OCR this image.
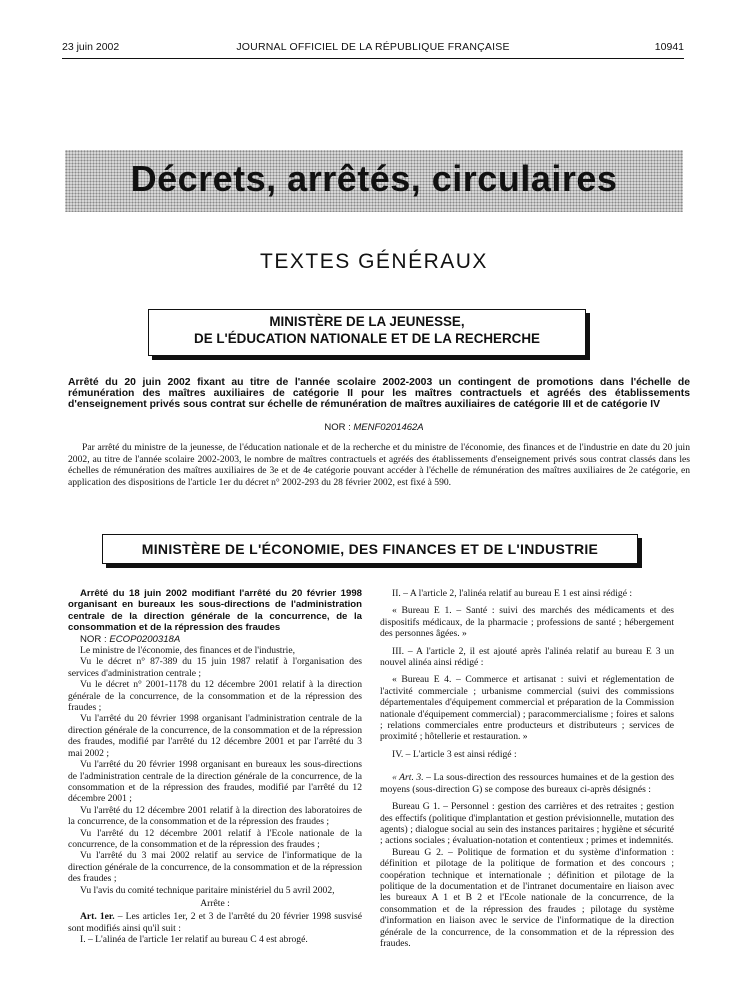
23 juin 2002	JOURNAL OFFICIEL DE LA RÉPUBLIQUE FRANÇAISE	10941
Décrets, arrêtés, circulaires
TEXTES GÉNÉRAUX
MINISTÈRE DE LA JEUNESSE,
DE L'ÉDUCATION NATIONALE ET DE LA RECHERCHE
Arrêté du 20 juin 2002 fixant au titre de l'année scolaire 2002-2003 un contingent de promotions dans l'échelle de rémunération des maîtres auxiliaires de catégorie II pour les maîtres contractuels et agréés des établissements d'enseignement privés sous contrat sur échelle de rémunération de maîtres auxiliaires de catégorie III et de catégorie IV
NOR : MENF0201462A
Par arrêté du ministre de la jeunesse, de l'éducation nationale et de la recherche et du ministre de l'économie, des finances et de l'industrie en date du 20 juin 2002, au titre de l'année scolaire 2002-2003, le nombre de maîtres contractuels et agréés des établissements d'enseignement privés sous contrat classés dans les échelles de rémunération des maîtres auxiliaires de 3e et de 4e catégorie pouvant accéder à l'échelle de rémunération des maîtres auxiliaires de 2e catégorie, en application des dispositions de l'article 1er du décret n° 2002-293 du 28 février 2002, est fixé à 590.
MINISTÈRE DE L'ÉCONOMIE, DES FINANCES ET DE L'INDUSTRIE

Arrêté du 18 juin 2002 modifiant l'arrêté du 20 février 1998 organisant en bureaux les sous-directions de l'administration centrale de la direction générale de la concurrence, de la consommation et de la répression des fraudes

NOR : ECOP0200318A

Le ministre de l'économie, des finances et de l'industrie,

Vu le décret n° 87-389 du 15 juin 1987 relatif à l'organisation des services d'administration centrale ;

Vu le décret n° 2001-1178 du 12 décembre 2001 relatif à la direction générale de la concurrence, de la consommation et de la répression des fraudes ;

Vu l'arrêté du 20 février 1998 organisant l'administration centrale de la direction générale de la concurrence, de la consommation et de la répression des fraudes, modifié par l'arrêté du 12 décembre 2001 et par l'arrêté du 3 mai 2002 ;

Vu l'arrêté du 20 février 1998 organisant en bureaux les sous-directions de l'administration centrale de la direction générale de la concurrence, de la consommation et de la répression des fraudes, modifié par l'arrêté du 12 décembre 2001 ;

Vu l'arrêté du 12 décembre 2001 relatif à la direction des laboratoires de la concurrence, de la consommation et de la répression des fraudes ;

Vu l'arrêté du 12 décembre 2001 relatif à l'Ecole nationale de la concurrence, de la consommation et de la répression des fraudes ;

Vu l'arrêté du 3 mai 2002 relatif au service de l'informatique de la direction générale de la concurrence, de la consommation et de la répression des fraudes ;

Vu l'avis du comité technique paritaire ministériel du 5 avril 2002,

Arrête :

Art. 1er. – Les articles 1er, 2 et 3 de l'arrêté du 20 février 1998 susvisé sont modifiés ainsi qu'il suit :

I. – L'alinéa de l'article 1er relatif au bureau C 4 est abrogé.

II. – A l'article 2, l'alinéa relatif au bureau E 1 est ainsi rédigé :

« Bureau E 1. – Santé : suivi des marchés des médicaments et des dispositifs médicaux, de la pharmacie ; professions de santé ; hébergement des personnes âgées. »

III. – A l'article 2, il est ajouté après l'alinéa relatif au bureau E 3 un nouvel alinéa ainsi rédigé :

« Bureau E 4. – Commerce et artisanat : suivi et réglementation de l'activité commerciale ; urbanisme commercial (suivi des commissions départementales d'équipement commercial et préparation de la Commission nationale d'équipement commercial) ; paracommercialisme ; foires et salons ; relations commerciales entre producteurs et distributeurs ; services de proximité ; hôtellerie et restauration. »

IV. – L'article 3 est ainsi rédigé :

« Art. 3. – La sous-direction des ressources humaines et de la gestion des moyens (sous-direction G) se compose des bureaux ci-après désignés :

Bureau G 1. – Personnel : gestion des carrières et des retraites ; gestion des effectifs (politique d'implantation et gestion prévisionnelle, mutation des agents) ; dialogue social au sein des instances paritaires ; hygiène et sécurité ; actions sociales ; évaluation-notation et contentieux ; primes et indemnités.

Bureau G 2. – Politique de formation et du système d'information : définition et pilotage de la politique de formation et des concours ; coopération technique et internationale ; définition et pilotage de la politique de la documentation et de l'intranet documentaire en liaison avec les bureaux A 1 et B 2 et l'Ecole nationale de la concurrence, de la consommation et de la répression des fraudes ; pilotage du système d'information en liaison avec le service de l'informatique de la direction générale de la concurrence, de la consommation et de la répression des fraudes.
